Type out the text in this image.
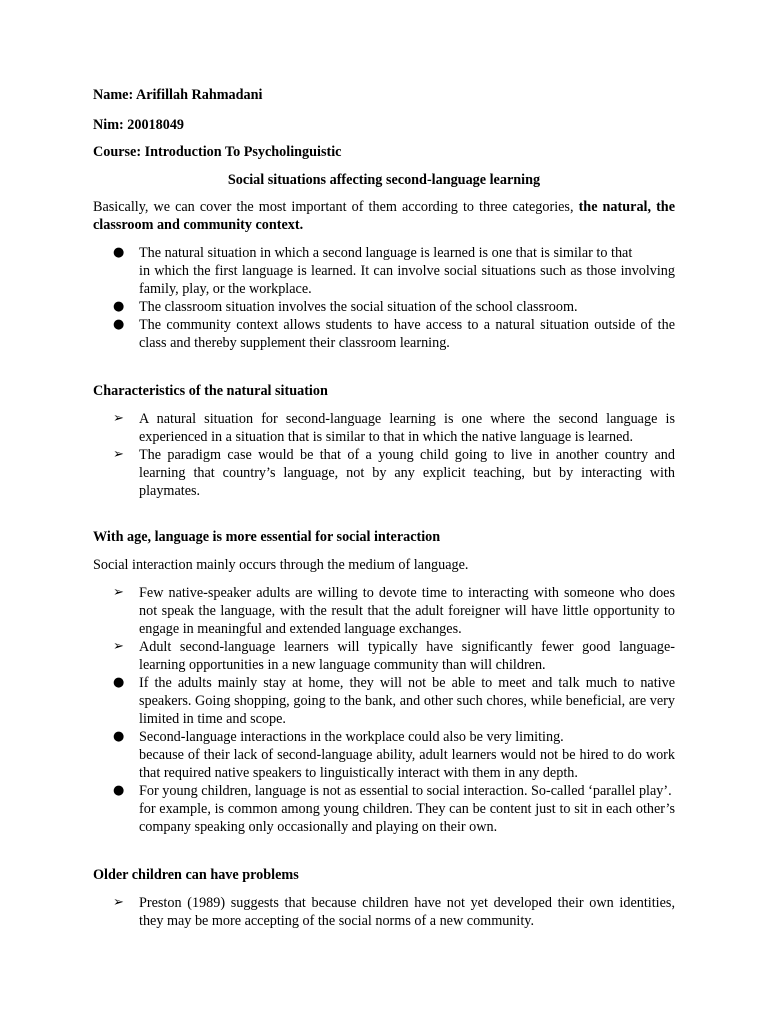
Name: Arifillah Rahmadani

Nim: 20018049

Course: Introduction To Psycholinguistic

Social situations affecting second-language learning

Basically, we can cover the most important of them according to three categories, the natural, the classroom and community context.

●	The natural situation in which a second language is learned is one that is similar to that
in which the first language is learned. It can involve social situations such as those involving family, play, or the workplace.
●	The classroom situation involves the social situation of the school classroom.
●	The community context allows students to have access to a natural situation outside of the class and thereby supplement their classroom learning.

Characteristics of the natural situation

➢	A natural situation for second-language learning is one where the second language is experienced in a situation that is similar to that in which the native language is learned.
➢	The paradigm case would be that of a young child going to live in another country and learning that country’s language, not by any explicit teaching, but by interacting with playmates.

With age, language is more essential for social interaction

Social interaction mainly occurs through the medium of language.

➢	Few native-speaker adults are willing to devote time to interacting with someone who does not speak the language, with the result that the adult foreigner will have little opportunity to engage in meaningful and extended language exchanges.
➢	Adult second-language learners will typically have significantly fewer good language-learning opportunities in a new language community than will children.
●	If the adults mainly stay at home, they will not be able to meet and talk much to native speakers. Going shopping, going to the bank, and other such chores, while beneficial, are very limited in time and scope.
●	Second-language interactions in the workplace could also be very limiting.
because of their lack of second-language ability, adult learners would not be hired to do work that required native speakers to linguistically interact with them in any depth.
●	For young children, language is not as essential to social interaction. So-called ‘parallel play’.
for example, is common among young children. They can be content just to sit in each other’s company speaking only occasionally and playing on their own.

Older children can have problems

➢	Preston (1989) suggests that because children have not yet developed their own identities, they may be more accepting of the social norms of a new community.
